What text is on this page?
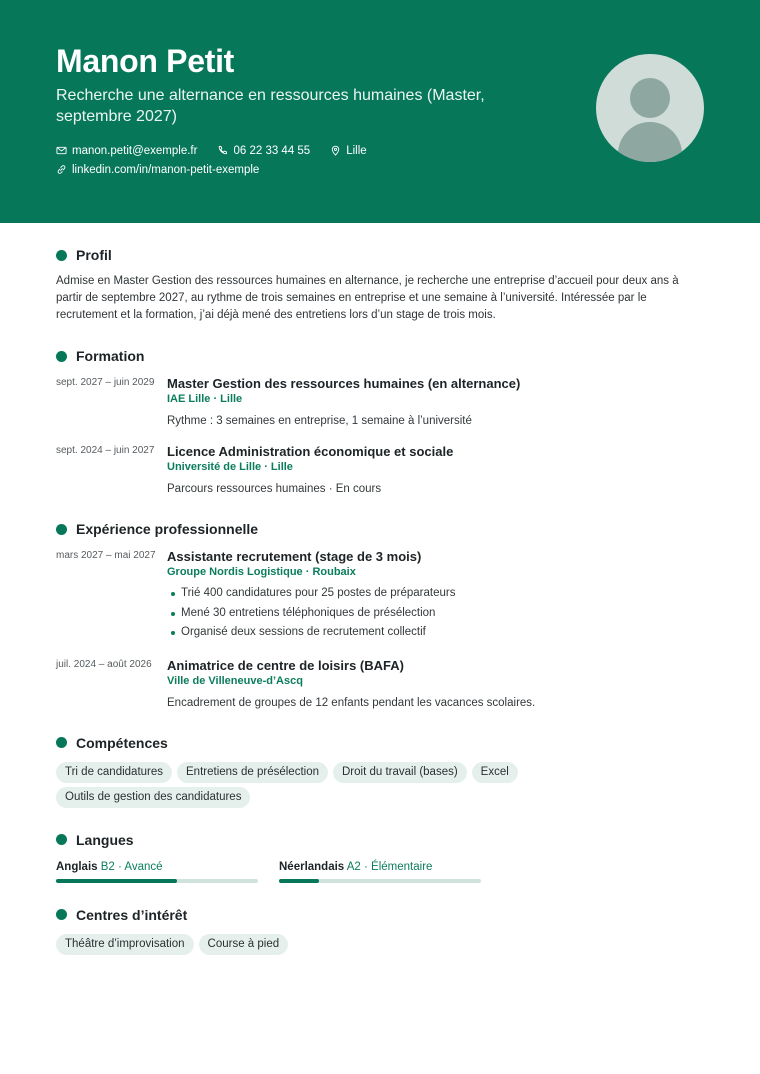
Manon Petit
Recherche une alternance en ressources humaines (Master, septembre 2027)
manon.petit@exemple.fr	06 22 33 44 55	Lille
linkedin.com/in/manon-petit-exemple
Profil
Admise en Master Gestion des ressources humaines en alternance, je recherche une entreprise d’accueil pour deux ans à partir de septembre 2027, au rythme de trois semaines en entreprise et une semaine à l’université. Intéressée par le recrutement et la formation, j’ai déjà mené des entretiens lors d’un stage de trois mois.
Formation
sept. 2027 – juin 2029 Master Gestion des ressources humaines (en alternance)
IAE Lille · Lille
Rythme : 3 semaines en entreprise, 1 semaine à l’université
sept. 2024 – juin 2027 Licence Administration économique et sociale
Université de Lille · Lille
Parcours ressources humaines · En cours
Expérience professionnelle
mars 2027 – mai 2027 Assistante recrutement (stage de 3 mois)
Groupe Nordis Logistique · Roubaix
Trié 400 candidatures pour 25 postes de préparateurs
Mené 30 entretiens téléphoniques de présélection
Organisé deux sessions de recrutement collectif
juil. 2024 – août 2026	Animatrice de centre de loisirs (BAFA)
Ville de Villeneuve-d’Ascq
Encadrement de groupes de 12 enfants pendant les vacances scolaires.
Compétences
Tri de candidatures	Entretiens de présélection	Droit du travail (bases)	Excel
Outils de gestion des candidatures
Langues
Anglais B2 · Avancé	Néerlandais A2 · Élémentaire
Centres d’intérêt
Théâtre d’improvisation	Course à pied
